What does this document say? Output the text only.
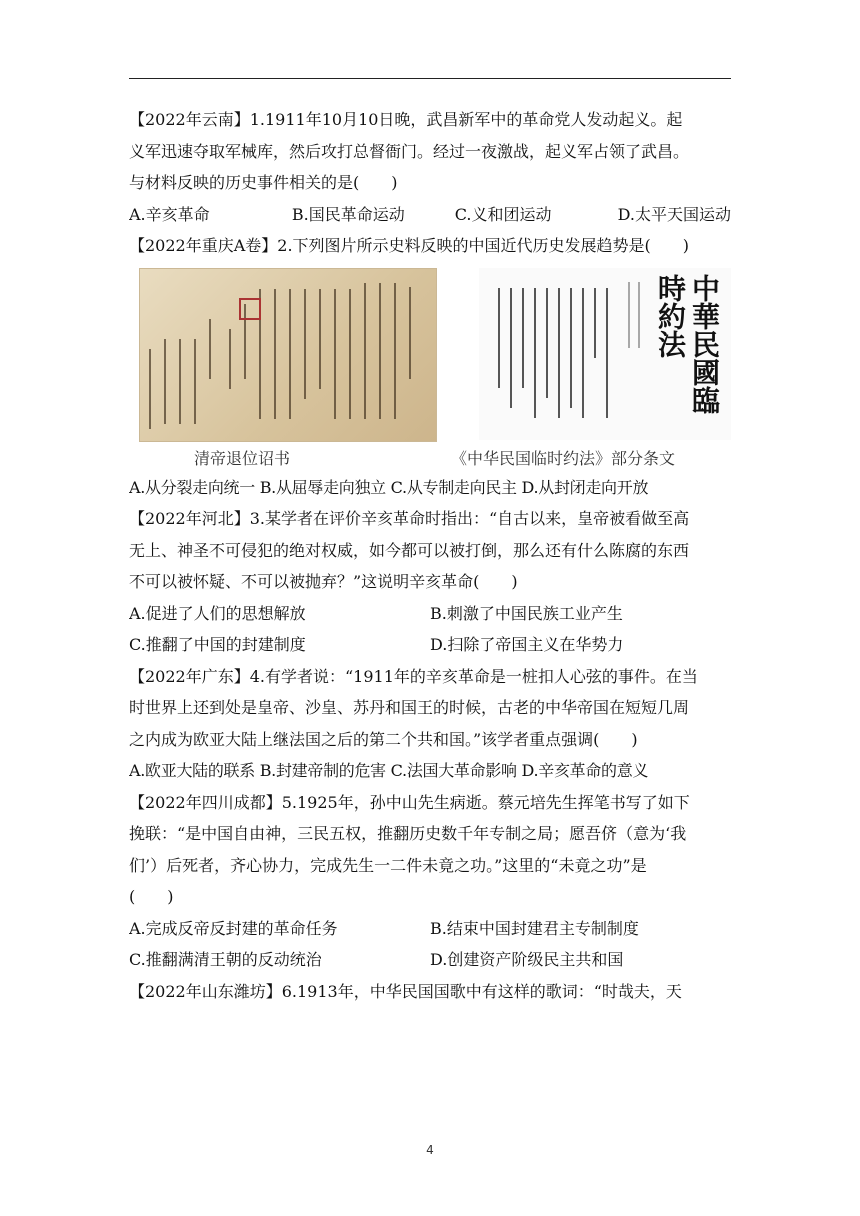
【2022年云南】1.1911年10月10日晚，武昌新军中的革命党人发动起义。起
义军迅速夺取军械库，然后攻打总督衙门。经过一夜激战，起义军占领了武昌。
与材料反映的历史事件相关的是(　　)
A.辛亥革命	B.国民革命运动	C.义和团运动	D.太平天国运动
【2022年重庆A卷】2.下列图片所示史料反映的中国近代历史发展趋势是(　　)
中華民國臨時約法
清帝退位诏书	《中华民国临时约法》部分条文
A.从分裂走向统一 B.从屈辱走向独立 C.从专制走向民主 D.从封闭走向开放
【2022年河北】3.某学者在评价辛亥革命时指出：“自古以来，皇帝被看做至高
无上、神圣不可侵犯的绝对权威，如今都可以被打倒，那么还有什么陈腐的东西
不可以被怀疑、不可以被抛弃？”这说明辛亥革命(　　)
A.促进了人们的思想解放	B.刺激了中国民族工业产生
C.推翻了中国的封建制度	D.扫除了帝国主义在华势力
【2022年广东】4.有学者说：“1911年的辛亥革命是一桩扣人心弦的事件。在当
时世界上还到处是皇帝、沙皇、苏丹和国王的时候，古老的中华帝国在短短几周
之内成为欧亚大陆上继法国之后的第二个共和国。”该学者重点强调(　　)
A.欧亚大陆的联系 B.封建帝制的危害 C.法国大革命影响 D.辛亥革命的意义
【2022年四川成都】5.1925年，孙中山先生病逝。蔡元培先生挥笔书写了如下
挽联：“是中国自由神，三民五权，推翻历史数千年专制之局；愿吾侪（意为‘我
们’）后死者，齐心协力，完成先生一二件未竟之功。”这里的“未竟之功”是
(　　)
A.完成反帝反封建的革命任务	B.结束中国封建君主专制制度
C.推翻满清王朝的反动统治	D.创建资产阶级民主共和国
【2022年山东潍坊】6.1913年，中华民国国歌中有这样的歌词：“时哉夫，天
4
